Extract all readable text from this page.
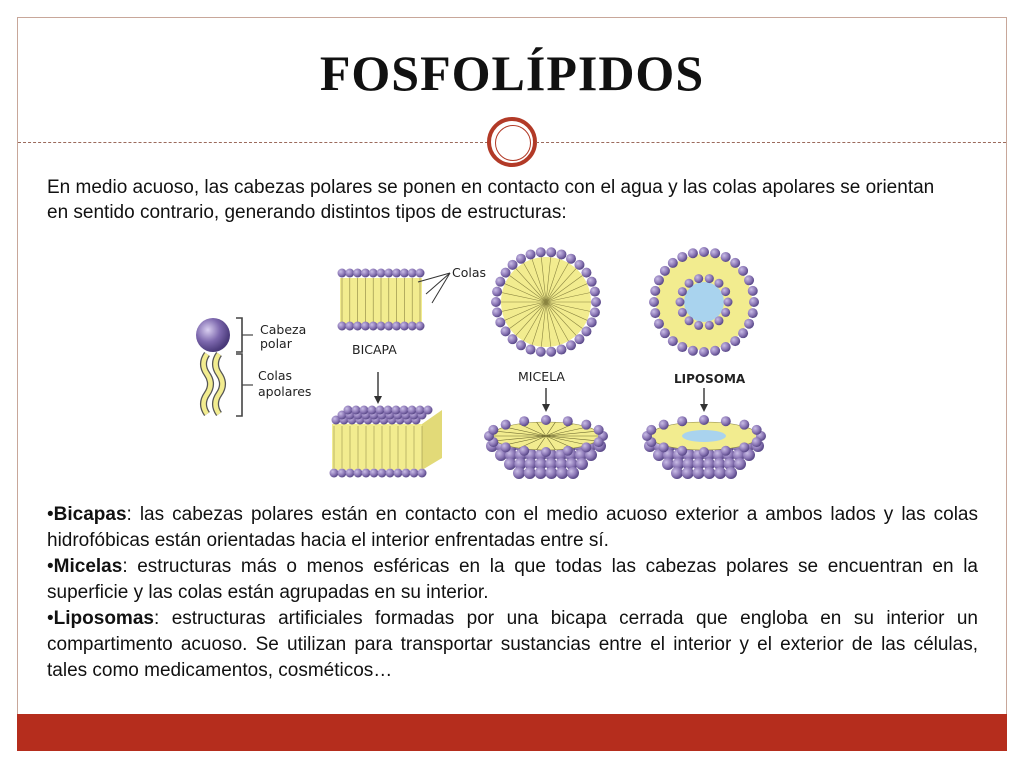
FOSFOLÍPIDOS

En medio acuoso, las cabezas polares se ponen en contacto con el agua y las colas apolares se orientan en sentido contrario, generando distintos tipos de estructuras:

Cabeza
polar
Colas
apolares
BICAPA
Colas
MICELA	LIPOSOMA

•Bicapas: las cabezas polares están en contacto con el medio acuoso exterior a ambos lados y las colas hidrofóbicas están orientadas hacia el interior enfrentadas entre sí.

•Micelas: estructuras más o menos esféricas en la que todas las cabezas polares se encuentran en la superficie y las colas están agrupadas en su interior.

•Liposomas: estructuras artificiales formadas por una bicapa cerrada que engloba en su interior un compartimento acuoso. Se utilizan para transportar sustancias entre el interior y el exterior de las células, tales como medicamentos, cosméticos…
